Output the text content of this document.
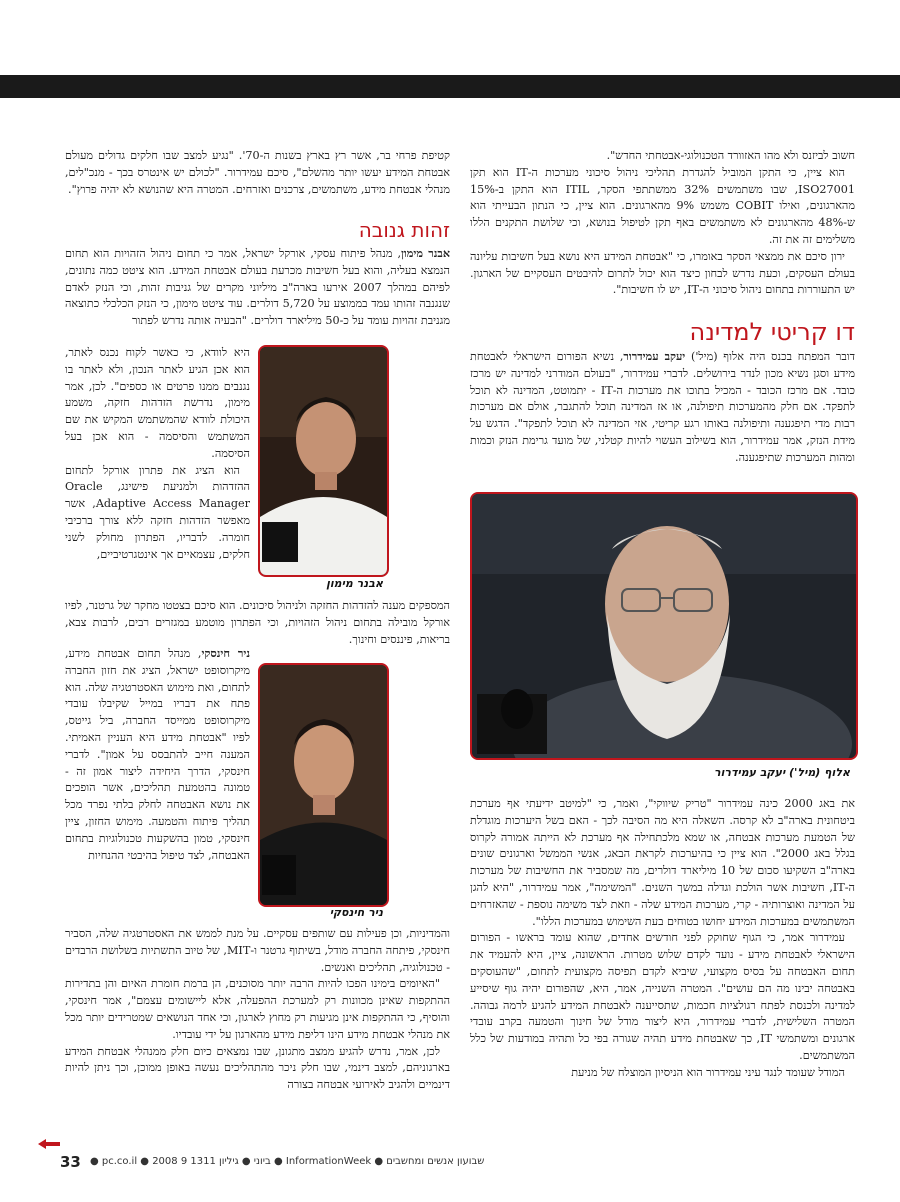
חשוב לביזנס ולא מהו האזוורד הטכנולוגי-אבטחתי החדש".

הוא ציין, כי התקן המוביל להגדרת תהליכי ניהול סיכוני מערכות ה-IT הוא תקן ISO27001, שבו משתמשים 32% ממשתתפי הסקר, ITIL הוא התקן ב-15% מהארגונים, ואילו COBIT משמש 9% מהארגונים. הוא ציין, כי הנתון הבעייתי הוא ש-48% מהארגונים לא משתמשים באף תקן לטיפול בנושא, וכי שלושת התקנים הללו משלימים זה את זה.

ירון סיכם את ממצאי הסקר באומרו, כי "אבטחת המידע היא נושא בעל חשיבות עליונה בעולם העסקים, וכעת נדרש לבחון כיצד הוא יכול לתרום להיבטים העסקיים של הארגון. יש התעוררות בתחום ניהול סיכוני ה-IT, יש לו חשיבות".

דו קריטי למדינה

דובר המפתח בכנס היה אלוף (מיל') יעקב עמידרור, נשיא הפורום הישראלי לאבטחת מידע וסגן נשיא מכון לנדר בירושלים. לדברי עמידרור, "בעולם המודרני למדינה יש מרכז כובד. אם מרכז הכובד - המכיל בתוכו את מערכות ה-IT - יתמוטט, המדינה לא תוכל לתפקד. אם חלק מהמערכות תיפולנה, או אז המדינה תוכל להתגבר, אולם אם מערכות רבות מדי תיפגענה ותיפולנה באותו רגע קריטי, אזי המדינה לא תוכל לתפקד". הדגש על מידת הנזק, אמר עמידרור, הוא בשילוב העשוי להיות קטלני, של מועד גרימת הנזק וכמות ומהות המערכות שתיפגענה.

אלוף (מיל') יעקב עמידרור

את באג 2000 כינה עמידרור "טריק שיווקי", ואמר, כי "למיטב ידיעתי אף מערכת ביטחונית בארה"ב לא קרסה. השאלה היא מה הסיבה לכך - האם בשל היערכות מוגדלת של הטמעת מערכות אבטחה, או שמא מלכתחילה אף מערכת לא הייתה אמורה לקרוס בגלל באג 2000". הוא ציין כי בהיערכות לקראת הבאג, אנשי הממשל וארגונים שונים בארה"ב השקיעו סכום של 10 מיליארד דולרים, מה שמסביר את החשיבות של מערכות ה-IT, חשיבות אשר הולכת וגדלה במשך השנים. "המשימה", אמר עמידרור, "היא להגן על המדינה ואוצרותיה - קרי, מערכות המידע שלה - וזאת לצד משימה נוספת - שהאזרחים המשתמשים במערכות המידע יחושו בטוחים בעת השימוש במערכות הללו".

עמידרור אמר, כי הגוף שחוקק לפני חודשים אחדים, שהוא עומד בראשו - הפורום הישראלי לאבטחת מידע - נועד לקדם שלוש מטרות. הראשונה, ציין, היא להעמיד את תחום האבטחה על בסיס מקצועי, שיביא לקדם תפיסה מקצועית לתחום, "שהעוסקים באבטחה יבינו מה הם עושים". המטרה השנייה, אמר, היא, שהפורום יהיה גוף שיסייע למדינה ולכנסת לפתח רגולציות חכמות, שתסייענה לאבטחת המידע להגיע לרמה גבוהה. המטרה השלישית, לדברי עמידרור, היא ליצור מודל של חינוך והטמעה בקרב עובדי ארגונים ומשתמשי IT, כך שאבטחת מידע תהיה שגורה בפי כל ותהיה במודעות של כלל המשתמשים.

המודל שעומד לנגד עיני עמידרור הוא הניסיון המוצלח של מניעת

קטיפת פרחי בר, אשר רץ בארץ בשנות ה-70'. "נגיע למצב שבו חלקים גדולים מעולם אבטחת המידע יעשו יותר מהשלם", סיכם עמידרור. "לכולם יש אינטרס בכך - מנכ"לים, מנהלי אבטחת מידע, משתמשים, צרכנים ואזרחים. המטרה היא שהנושא לא יהיה פרוץ".

זהות גנובה

אבנר מימון, מנהל פיתוח עסקי, אורקל ישראל, אמר כי תחום ניהול הזהויות הוא תחום הנמצא בעליה, והוא בעל חשיבות מכרעת בעולם אבטחת המידע. הוא ציטט כמה נתונים, לפיהם במהלך 2007 אירעו בארה"ב מיליוני מקרים של גניבות זהות, וכי הנזק לאדם שנגנבה זהותו עמד בממוצע על 5,720 דולרים. עוד ציטט מימון, כי הנזק הכלכלי כתוצאה מגניבת זהויות עומד על כ-50 מיליארד דולרים. "הבעיה אותה נדרש לפתור

אבנר מימון

היא לוודא, כי כאשר לקוח נכנס לאתר, הוא אכן הגיע לאתר הנכון, ולא לאתר בו נגנבים ממנו פרטים או כספים". לכן, אמר מימון, נדרשת הזדהות חזקה, משמע היכולת לוודא שהמשתמש המקיש את שם המשתמש והסיסמה - הוא אכן בעל הסיסמה.

הוא הציג את פתרון אורקל לתחום ההזדהות ולמניעת פישינג, Oracle Adaptive Access Manager, אשר מאפשר הזדהות חזקה ללא צורך ברכיבי חומרה. לדבריו, הפתרון מחולק לשני חלקים, עצמאיים אך אינטגרטיביים,

המספקים מענה להזדהות החזקה ולניהול סיכונים. הוא סיכם בצטטו מחקר של גרטנר, לפיו אורקל מובילה בתחום ניהול הזהויות, וכי הפתרון מוטמע במגזרים רבים, לרבות צבא, בריאות, פיננסים וחינוך.

ניר חינסקי

ניר חינסקי, מנהל תחום אבטחת מידע, מיקרוסופט ישראל, הציג את חזון החברה לתחום, ואת מימוש האסטרטגיה שלה. הוא פתח את דבריו במייל שקיבלו עובדי מיקרוסופט ממייסד החברה, ביל גייטס, לפיו "אבטחת מידע היא העניין האמיתי. המענה חייב להתבסס על אמון". לדברי חינסקי, הדרך היחידה ליצור אמון זה - טמונה בהטמעת תהליכים, אשר הופכים את נושא האבטחה לחלק בלתי נפרד מכל תהליך פיתוח והטמעה. מימוש החזון, ציין חינסקי, טמון בהשקעות טכנולוגיות בתחום האבטחה, לצד טיפול בהיבטי ההנחיות

והמדיניות, וכן פעילות עם שותפים עסקיים. על מנת לממש את האסטרטגיה שלה, הסביר חינסקי, פיתחה החברה מודל, בשיתוף גרטנר ו-MIT, של טיוב התשתיות בשלושת הרבדים - טכנולוגיה, תהליכים ואנשים.

"האיומים בימינו הפכו להיות הרבה יותר מסוכנים, הן ברמת חומרת האיום והן בתדירות ההתקפות שאינן מכוונות רק למערכת ההפעלה, אלא ליישומים עצמם", אמר חינסקי, והוסיף, כי ההתקפות אינן מגיעות רק מחוץ לארגון, וכי אחד הנושאים שמטרידים יותר מכל את מנהלי אבטחת מידע הינו דליפת מידע מהארגון על ידי עובדיו.

לכן, אמר, נדרש להגיע ממצב מתגונן, שבו נמצאים כיום חלק ממנהלי אבטחת המידע בארגוניהם, למצב דינמי, שבו חלק ניכר מהתהליכים נעשה באופן ממוכן, וכך ניתן להיות דינמיים ולהגיב לאירועי אבטחה בצורה

33 ● pc.co.il ● 2008 9 ביוני ● גיליון 1311 ● InformationWeek ● שבועון אנשים ומחשבים
